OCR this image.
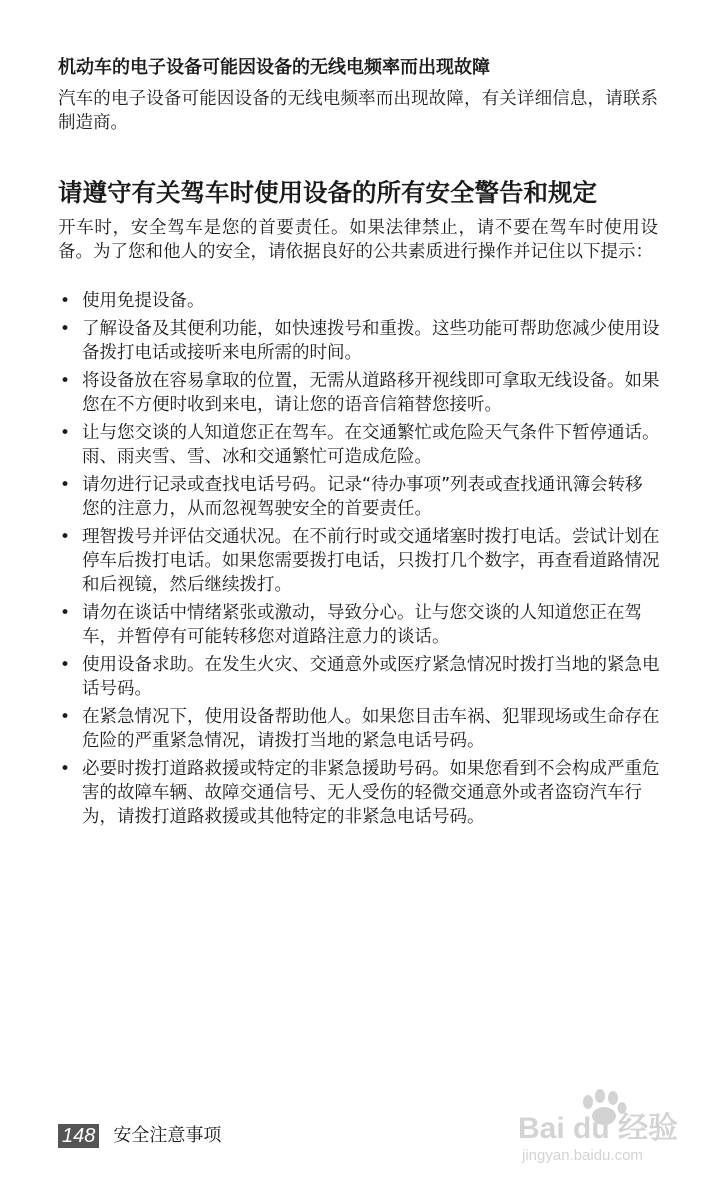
机动车的电子设备可能因设备的无线电频率而出现故障

汽车的电子设备可能因设备的无线电频率而出现故障，有关详细信息，请联系制造商。

请遵守有关驾车时使用设备的所有安全警告和规定

开车时，安全驾车是您的首要责任。如果法律禁止，请不要在驾车时使用设备。为了您和他人的安全，请依据良好的公共素质进行操作并记住以下提示：

• 使用免提设备。
• 了解设备及其便利功能，如快速拨号和重拨。这些功能可帮助您减少使用设备拨打电话或接听来电所需的时间。
• 将设备放在容易拿取的位置，无需从道路移开视线即可拿取无线设备。如果您在不方便时收到来电，请让您的语音信箱替您接听。
• 让与您交谈的人知道您正在驾车。在交通繁忙或危险天气条件下暂停通话。雨、雨夹雪、雪、冰和交通繁忙可造成危险。
• 请勿进行记录或查找电话号码。记录“待办事项”列表或查找通讯簿会转移您的注意力，从而忽视驾驶安全的首要责任。
• 理智拨号并评估交通状况。在不前行时或交通堵塞时拨打电话。尝试计划在停车后拨打电话。如果您需要拨打电话，只拨打几个数字，再查看道路情况和后视镜，然后继续拨打。
• 请勿在谈话中情绪紧张或激动，导致分心。让与您交谈的人知道您正在驾车，并暂停有可能转移您对道路注意力的谈话。
• 使用设备求助。在发生火灾、交通意外或医疗紧急情况时拨打当地的紧急电话号码。
• 在紧急情况下，使用设备帮助他人。如果您目击车祸、犯罪现场或生命存在危险的严重紧急情况，请拨打当地的紧急电话号码。
• 必要时拨打道路救援或特定的非紧急援助号码。如果您看到不会构成严重危害的故障车辆、故障交通信号、无人受伤的轻微交通意外或者盗窃汽车行为，请拨打道路救援或其他特定的非紧急电话号码。
148 安全注意事项	Bai du 经验
jingyan.baidu.com
